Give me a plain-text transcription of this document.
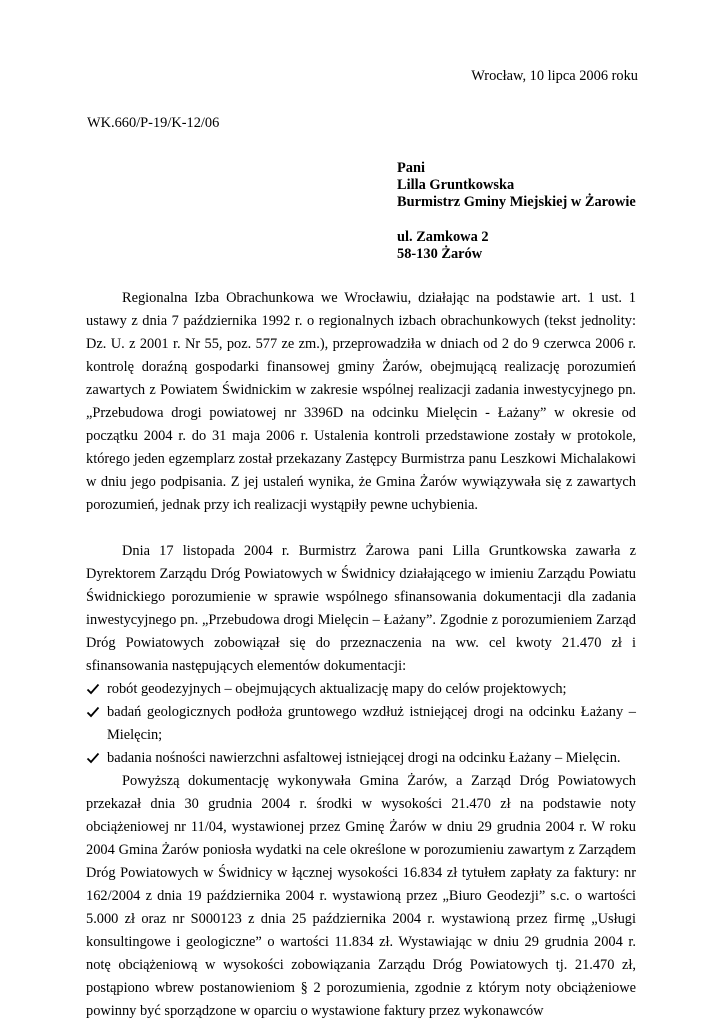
Wrocław, 10 lipca 2006 roku
WK.660/P-19/K-12/06
Pani
Lilla Gruntkowska
Burmistrz Gminy Miejskiej w Żarowie
ul. Zamkowa 2
58-130 Żarów

Regionalna Izba Obrachunkowa we Wrocławiu, działając na podstawie art. 1 ust. 1 ustawy z dnia 7 października 1992 r. o regionalnych izbach obrachunkowych (tekst jednolity: Dz. U. z 2001 r. Nr 55, poz. 577 ze zm.), przeprowadziła w dniach od 2 do 9 czerwca 2006 r. kontrolę doraźną gospodarki finansowej gminy Żarów, obejmującą realizację porozumień zawartych z Powiatem Świdnickim w zakresie wspólnej realizacji zadania inwestycyjnego pn. „Przebudowa drogi powiatowej nr 3396D na odcinku Mielęcin - Łażany” w okresie od początku 2004 r. do 31 maja 2006 r. Ustalenia kontroli przedstawione zostały w protokole, którego jeden egzemplarz został przekazany Zastępcy Burmistrza panu Leszkowi Michalakowi w dniu jego podpisania. Z jej ustaleń wynika, że Gmina Żarów wywiązywała się z zawartych porozumień, jednak przy ich realizacji wystąpiły pewne uchybienia.

Dnia 17 listopada 2004 r. Burmistrz Żarowa pani Lilla Gruntkowska zawarła z Dyrektorem Zarządu Dróg Powiatowych w Świdnicy działającego w imieniu Zarządu Powiatu Świdnickiego porozumienie w sprawie wspólnego sfinansowania dokumentacji dla zadania inwestycyjnego pn. „Przebudowa drogi Mielęcin – Łażany”. Zgodnie z porozumieniem Zarząd Dróg Powiatowych zobowiązał się do przeznaczenia na ww. cel kwoty 21.470 zł i sfinansowania następujących elementów dokumentacji:

robót geodezyjnych – obejmujących aktualizację mapy do celów projektowych;
badań geologicznych podłoża gruntowego wzdłuż istniejącej drogi na odcinku Łażany – Mielęcin;
badania nośności nawierzchni asfaltowej istniejącej drogi na odcinku Łażany – Mielęcin.

Powyższą dokumentację wykonywała Gmina Żarów, a Zarząd Dróg Powiatowych przekazał dnia 30 grudnia 2004 r. środki w wysokości 21.470 zł na podstawie noty obciążeniowej nr 11/04, wystawionej przez Gminę Żarów w dniu 29 grudnia 2004 r. W roku 2004 Gmina Żarów poniosła wydatki na cele określone w porozumieniu zawartym z Zarządem Dróg Powiatowych w Świdnicy w łącznej wysokości 16.834 zł tytułem zapłaty za faktury: nr 162/2004 z dnia 19 października 2004 r. wystawioną przez „Biuro Geodezji” s.c. o wartości 5.000 zł oraz nr S000123 z dnia 25 października 2004 r. wystawioną przez firmę „Usługi konsultingowe i geologiczne” o wartości 11.834 zł. Wystawiając w dniu 29 grudnia 2004 r. notę obciążeniową w wysokości zobowiązania Zarządu Dróg Powiatowych tj. 21.470 zł, postąpiono wbrew postanowieniom § 2 porozumienia, zgodnie z którym noty obciążeniowe powinny być sporządzone w oparciu o wystawione faktury przez wykonawców
